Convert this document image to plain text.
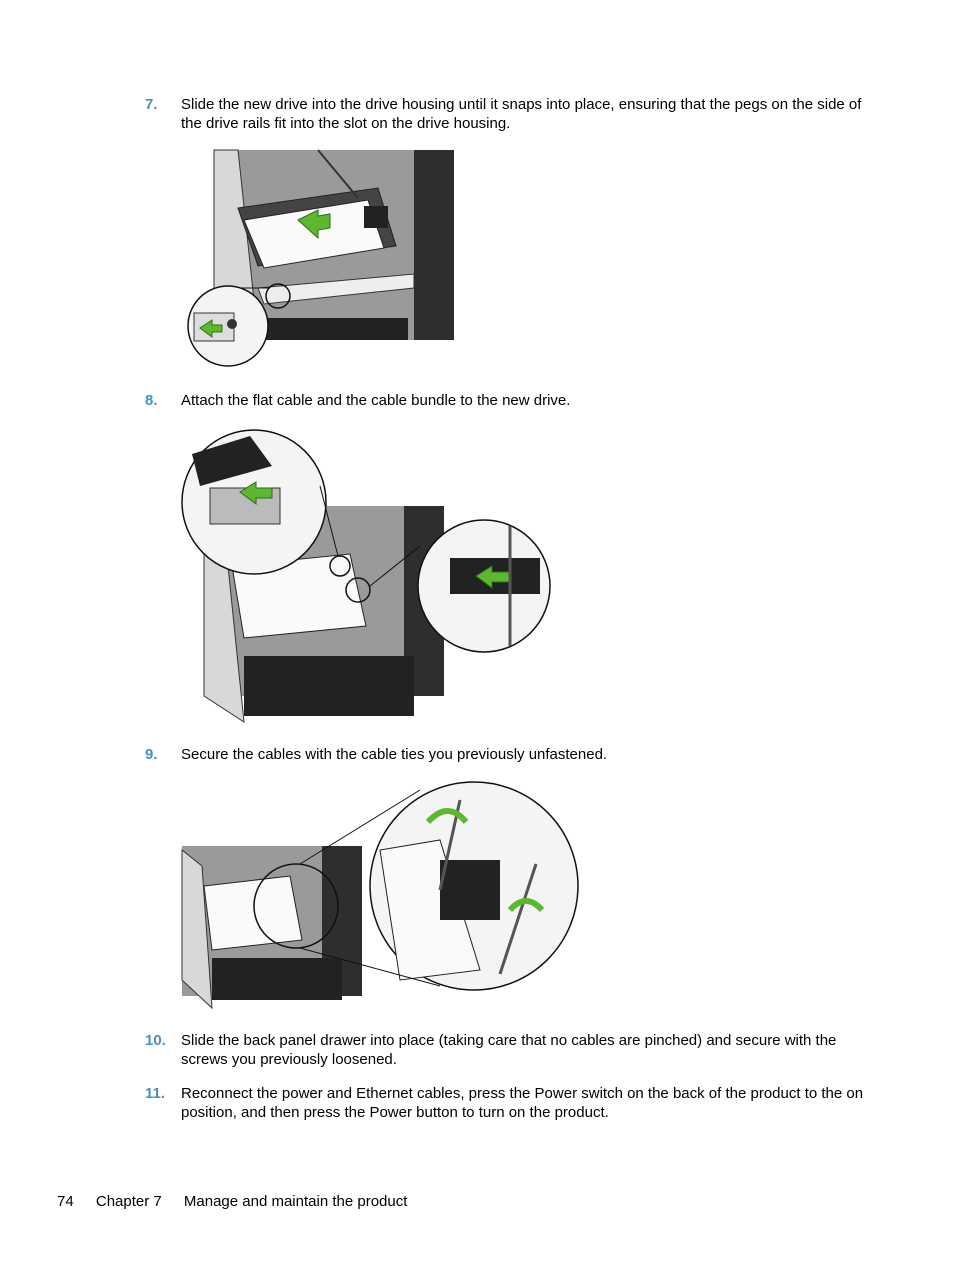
7. Slide the new drive into the drive housing until it snaps into place, ensuring that the pegs on the side of the drive rails fit into the slot on the drive housing.
8. Attach the flat cable and the cable bundle to the new drive.
9. Secure the cables with the cable ties you previously unfastened.
10. Slide the back panel drawer into place (taking care that no cables are pinched) and secure with the screws you previously loosened.
11. Reconnect the power and Ethernet cables, press the Power switch on the back of the product to the on position, and then press the Power button to turn on the product.
74 Chapter 7 Manage and maintain the product
